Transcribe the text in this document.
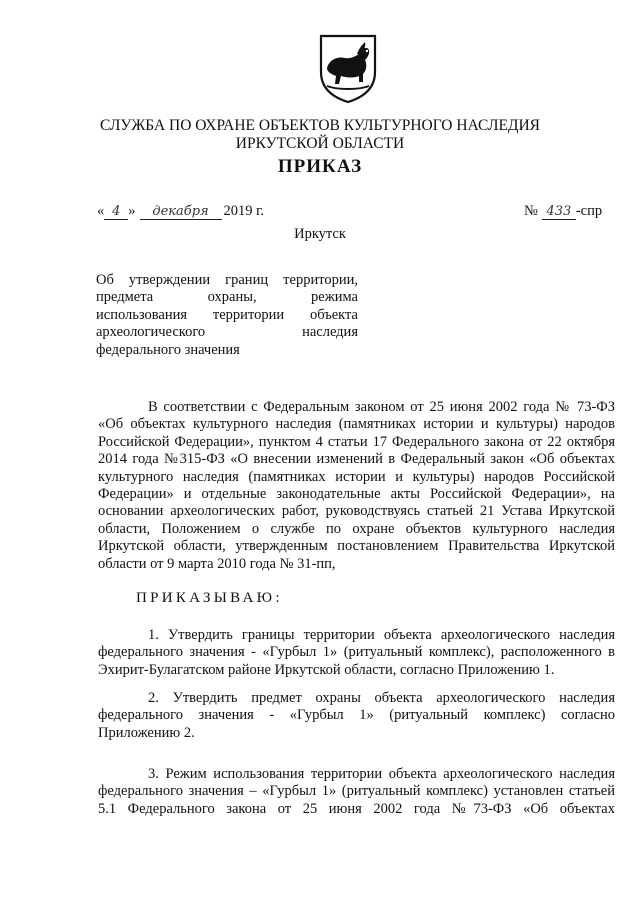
СЛУЖБА ПО ОХРАНЕ ОБЪЕКТОВ КУЛЬТУРНОГО НАСЛЕДИЯ
ИРКУТСКОЙ ОБЛАСТИ
ПРИКАЗ
« 4 » декабря 2019 г.	№ 433 -спр
Иркутск
Об утверждении границ территории,
предмета охраны, режима
использования территории объекта
археологического наследия
федерального значения
В соответствии с Федеральным законом от 25 июня 2002 года № 73-ФЗ «Об объектах культурного наследия (памятниках истории и культуры) народов Российской Федерации», пунктом 4 статьи 17 Федерального закона от 22 октября 2014 года №315-ФЗ «О внесении изменений в Федеральный закон «Об объектах культурного наследия (памятниках истории и культуры) народов Российской Федерации» и отдельные законодательные акты Российской Федерации», на основании археологических работ, руководствуясь статьей 21 Устава Иркутской области, Положением о службе по охране объектов культурного наследия Иркутской области, утвержденным постановлением Правительства Иркутской области от 9 марта 2010 года № 31-пп,
ПРИКАЗЫВАЮ:
1. Утвердить границы территории объекта археологического наследия федерального значения - «Гурбыл 1» (ритуальный комплекс), расположенного в Эхирит-Булагатском районе Иркутской области, согласно Приложению 1.
2. Утвердить предмет охраны объекта археологического наследия федерального значения - «Гурбыл 1» (ритуальный комплекс) согласно Приложению 2.
3. Режим использования территории объекта археологического наследия федерального значения – «Гурбыл 1» (ритуальный комплекс) установлен статьей 5.1 Федерального закона от 25 июня 2002 года №73-ФЗ «Об объектах
